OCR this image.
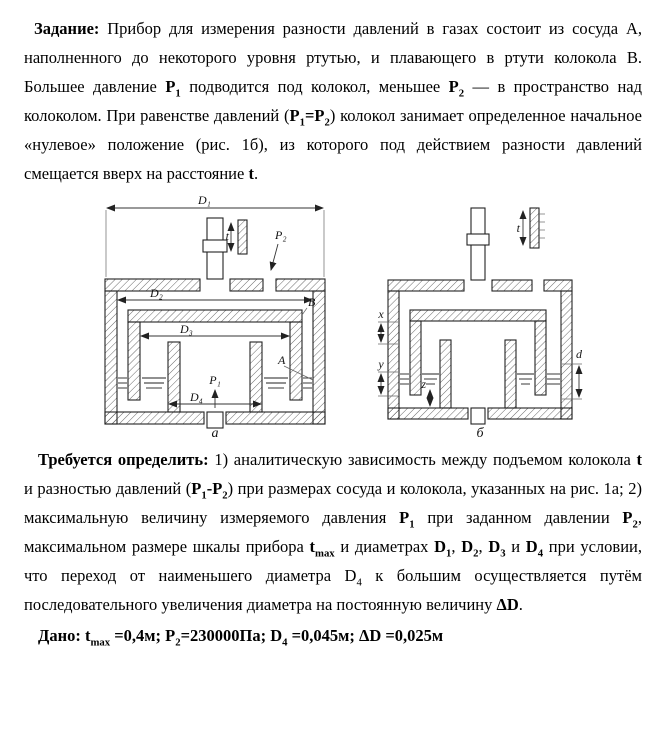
Задание: Прибор для измерения разности давлений в газах состоит из сосуда А, наполненного до некоторого уровня ртутью, и плавающего в ртути колокола В. Большее давление $P_1$ подводится под колокол, меньшее $P_2$ — в пространство над колоколом. При равенстве давлений $(P_1=P_2)$ колокол занимает определенное начальное «нулевое» положение (рис. 1б), из которого под действием разности давлений смещается вверх на расстояние t.

D₁
t	P₂
D₂
B
D₃
P₁
D₄
A
а
t
x
y
z
d
б

Требуется определить: 1) аналитическую зависимость между подъемом колокола t и разностью давлений $(P_1-P_2)$ при размерах сосуда и колокола, указанных на рис. 1а; 2) максимальную величину измеряемого давления $P_1$ при заданном давлении $P_2$, максимальном размере шкалы прибора $t_{max}$ и диаметрах $D_1$, $D_2$, $D_3$ и $D_4$ при условии, что переход от наименьшего диаметра $D_4$ к большим осуществляется путём последовательного увеличения диаметра на постоянную величину ΔD.

Дано: $t_{max} =0,4м$; $P_2=230000Па$; $D_4 =0,045м$; ΔD =0,025м
